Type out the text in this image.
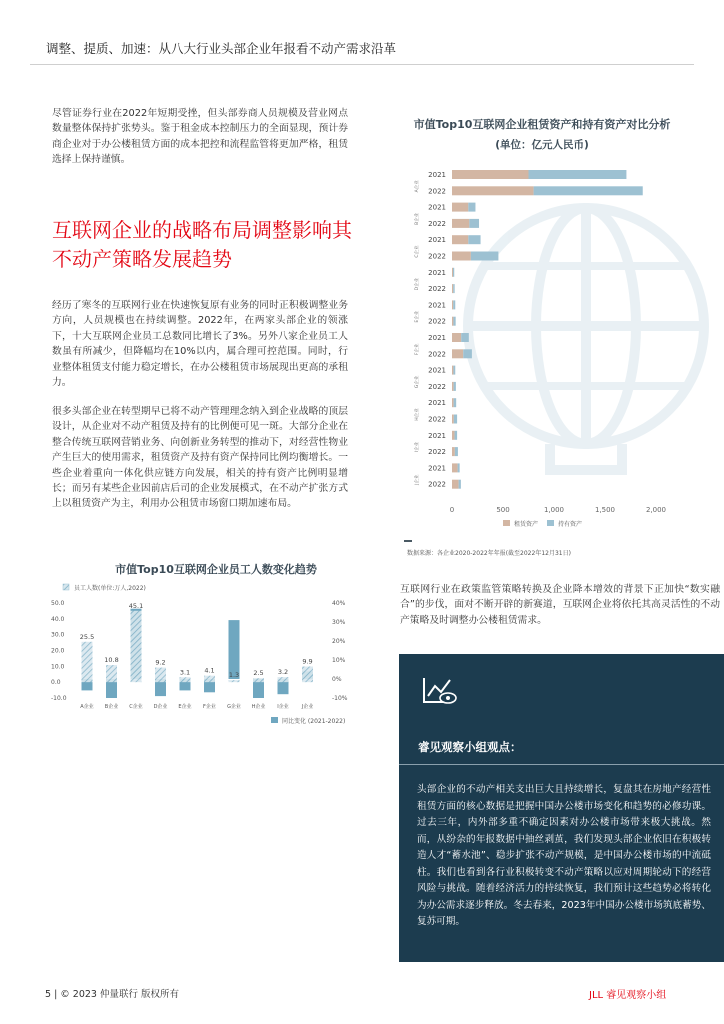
调整、提质、加速：从八大行业头部企业年报看不动产需求沿革
尽管证券行业在2022年短期受挫，但头部券商人员规模及营业网点数量整体保持扩张势头。鉴于租金成本控制压力的全面显现，预计券商企业对于办公楼租赁方面的成本把控和流程监管将更加严格，租赁选择上保持谨慎。
互联网企业的战略布局调整影响其不动产策略发展趋势
经历了寒冬的互联网行业在快速恢复原有业务的同时正积极调整业务方向，人员规模也在持续调整。2022年，在两家头部企业的领涨下，十大互联网企业员工总数同比增长了3%。另外八家企业员工人数虽有所减少，但降幅均在10%以内，属合理可控范围。同时，行业整体租赁支付能力稳定增长，在办公楼租赁市场展现出更高的承租力。
很多头部企业在转型期早已将不动产管理理念纳入到企业战略的顶层设计，从企业对不动产租赁及持有的比例便可见一斑。大部分企业在整合传统互联网营销业务、向创新业务转型的推动下，对经营性物业产生巨大的使用需求，租赁资产及持有资产保持同比例均衡增长。一些企业着重向一体化供应链方向发展，相关的持有资产比例明显增长；而另有某些企业因前店后司的企业发展模式，在不动产扩张方式上以租赁资产为主，利用办公租赁市场窗口期加速布局。
市值Top10互联网企业员工人数变化趋势
员工人数(单位:万人,2022)
50.0
40.0
30.0
20.0
10.0
0.0
-10.0
40%
30%
20%
10%
0%
-10%
25.5
A企业
10.8
B企业
45.1
C企业
9.2
D企业
3.1
E企业
4.1
F企业
1.3
G企业
2.5
H企业
3.2
I企业
9.9
J企业
同比变化 (2021-2022)
市值Top10互联网企业租赁资产和持有资产对比分析
(单位：亿元人民币)
A企业
2021
2022
B企业
2021
2022
C企业
2021
2022
D企业
2021
2022
E企业
2021
2022
F企业
2021
2022
G企业
2021
2022
H企业
2021
2022
I企业
2021
2022
J企业
2021
2022
0	500	1,000	1,500	2,000
租赁资产	持有资产
数据来源：各企业2020-2022年年报(截至2022年12月31日)
互联网行业在政策监管策略转换及企业降本增效的背景下正加快“数实融合”的步伐，面对不断开辟的新赛道，互联网企业将依托其高灵活性的不动产策略及时调整办公楼租赁需求。
睿见观察小组观点：
头部企业的不动产相关支出巨大且持续增长，复盘其在房地产经营性租赁方面的核心数据是把握中国办公楼市场变化和趋势的必修功课。过去三年，内外部多重不确定因素对办公楼市场带来极大挑战。然而，从纷杂的年报数据中抽丝剥茧，我们发现头部企业依旧在积极转造人才“蓄水池”、稳步扩张不动产规模，是中国办公楼市场的中流砥柱。我们也看到各行业积极转变不动产策略以应对周期轮动下的经营风险与挑战。随着经济活力的持续恢复，我们预计这些趋势必将转化为办公需求逐步释放。冬去春来，2023年中国办公楼市场筑底蓄势、复苏可期。
5 | © 2023 仲量联行 版权所有	JLL 睿见观察小组
